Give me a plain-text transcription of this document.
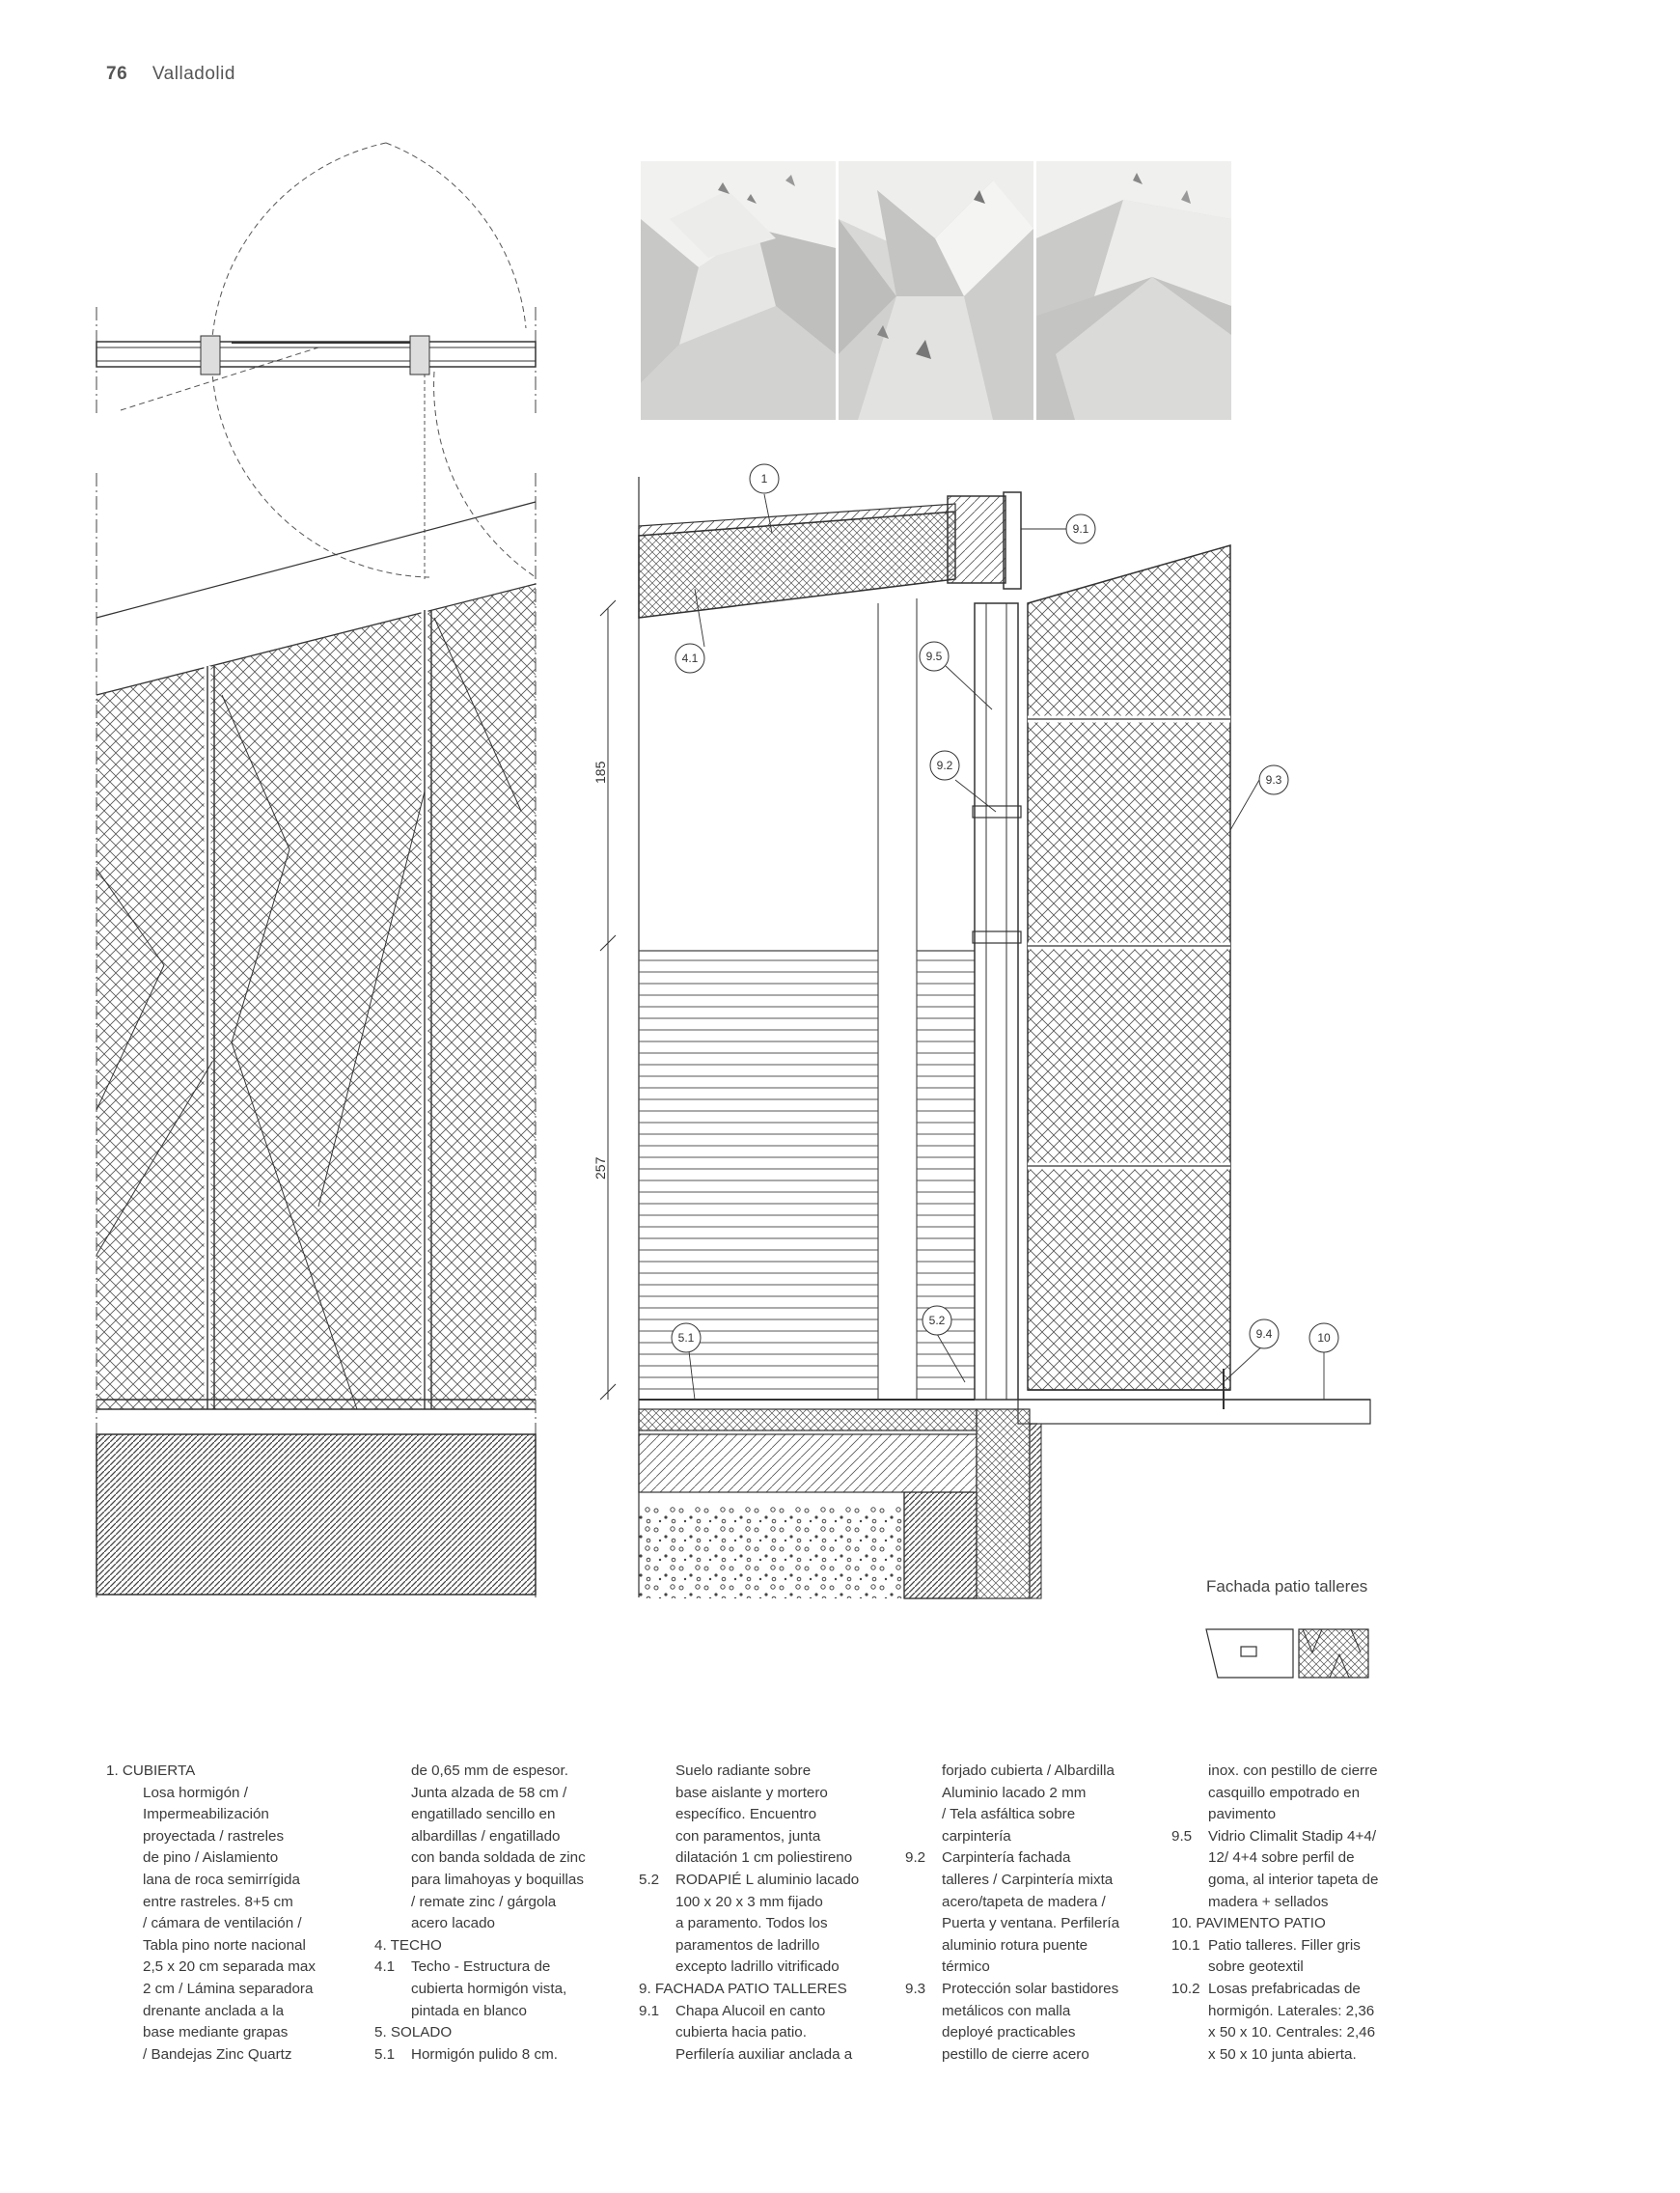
76 Valladolid
185
257
1
9.1
4.1	9.5
9.2
9.3
5.1
5.2
9.4	10
Fachada patio talleres
1. CUBIERTA
Losa hormigón /
Impermeabilización
proyectada / rastreles
de pino / Aislamiento
lana de roca semirrígida
entre rastreles. 8+5 cm
/ cámara de ventilación /
Tabla pino norte nacional
2,5 x 20 cm separada max
2 cm / Lámina separadora
drenante anclada a la
base mediante grapas
/ Bandejas Zinc Quartz
de 0,65 mm de espesor.
Junta alzada de 58 cm /
engatillado sencillo en
albardillas / engatillado
con banda soldada de zinc
para limahoyas y boquillas
/ remate zinc / gárgola
acero lacado
4. TECHO
4.1	Techo - Estructura de
cubierta hormigón vista,
pintada en blanco
5. SOLADO
5.1	Hormigón pulido 8 cm.
Suelo radiante sobre
base aislante y mortero
específico. Encuentro
con paramentos, junta
dilatación 1 cm poliestireno
5.2	RODAPIÉ L aluminio lacado
100 x 20 x 3 mm fijado
a paramento. Todos los
paramentos de ladrillo
excepto ladrillo vitrificado
9. FACHADA PATIO TALLERES
9.1	Chapa Alucoil en canto
cubierta hacia patio.
Perfilería auxiliar anclada a
forjado cubierta / Albardilla
Aluminio lacado 2 mm
/ Tela asfáltica sobre
carpintería
9.2	Carpintería fachada
talleres / Carpintería mixta
acero/tapeta de madera /
Puerta y ventana. Perfilería
aluminio rotura puente
térmico
9.3	Protección solar bastidores
metálicos con malla
deployé practicables
pestillo de cierre acero
inox. con pestillo de cierre
casquillo empotrado en
pavimento
9.5	Vidrio Climalit Stadip 4+4/
12/ 4+4 sobre perfil de
goma, al interior tapeta de
madera + sellados
10. PAVIMENTO PATIO
10.1 Patio talleres. Filler gris
sobre geotextil
10.2 Losas prefabricadas de
hormigón. Laterales: 2,36
x 50 x 10. Centrales: 2,46
x 50 x 10 junta abierta.
